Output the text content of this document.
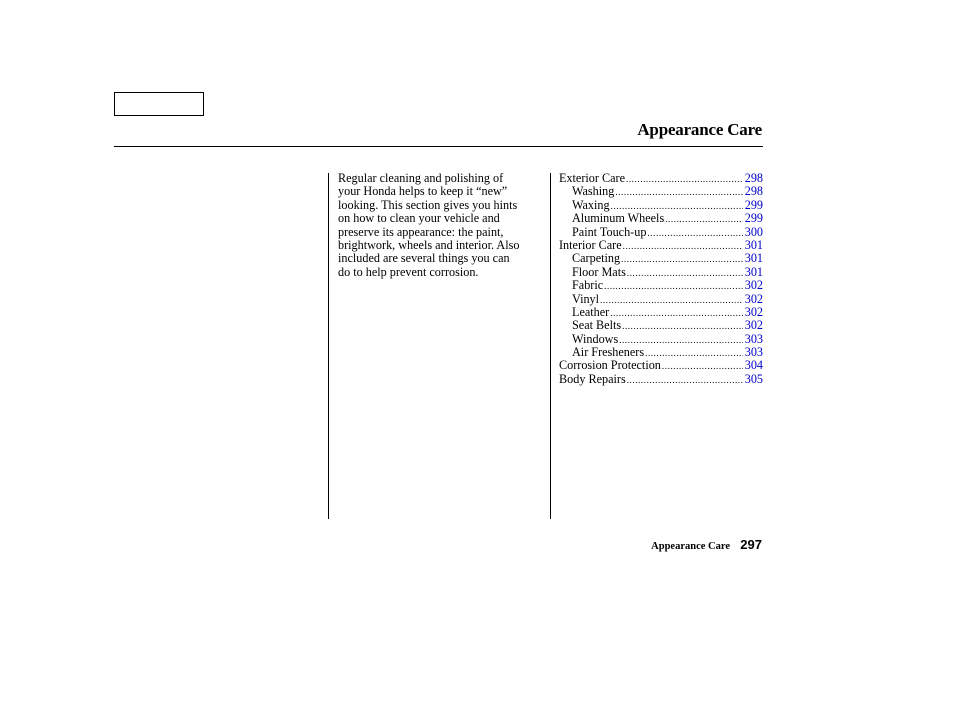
Appearance Care
Regular cleaning and polishing of
your Honda helps to keep it “new”
looking. This section gives you hints
on how to clean your vehicle and
preserve its appearance: the paint,
brightwork, wheels and interior. Also
included are several things you can
do to help prevent corrosion.
Exterior Care .....	298
Washing .....	298
Waxing .....	299
Aluminum Wheels .....	299
Paint Touch-up .....	300
Interior Care .....	301
Carpeting .....	301
Floor Mats .....	301
Fabric .....	302
Vinyl .....	302
Leather .....	302
Seat Belts .....	302
Windows .....	303
Air Fresheners .....	303
Corrosion Protection .....	304
Body Repairs .....	305
Appearance Care 297
